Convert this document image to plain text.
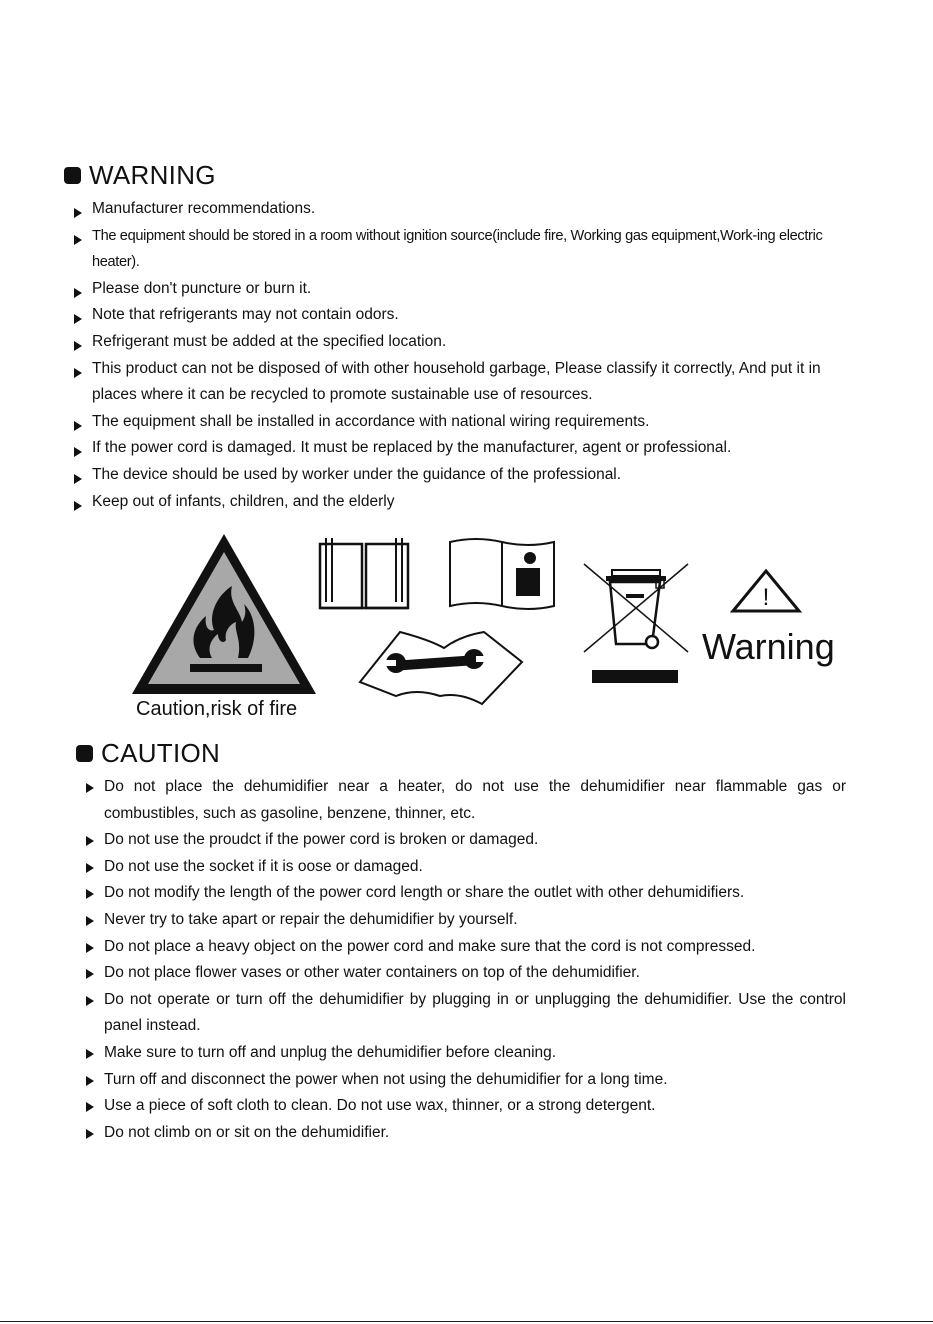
WARNING
Manufacturer recommendations.
The equipment should be stored in a room without ignition source(include fire, Working gas equipment,Work-ing electric heater).
Please don't puncture or burn it.
Note that refrigerants may not contain odors.
Refrigerant must be added at the specified location.
This product can not be disposed of with other household garbage, Please classify it correctly, And put it in places where it can be recycled to promote sustainable use of resources.
The equipment shall be installed in accordance with national wiring requirements.
If the power cord is damaged. It must be replaced by the manufacturer, agent or professional.
The device should be used by worker under the guidance of the professional.
Keep out of infants, children, and the elderly
Caution,risk of fire
i	!
Warning
CAUTION
Do not place the dehumidifier near a heater, do not use the dehumidifier near flammable gas or combustibles, such as gasoline, benzene, thinner, etc.
Do not use the proudct if the power cord is broken or damaged.
Do not use the socket if it is oose or damaged.
Do not modify the length of the power cord length or share the outlet with other dehumidifiers.
Never try to take apart or repair the dehumidifier by yourself.
Do not place a heavy object on the power cord and make sure that the cord is not compressed.
Do not place flower vases or other water containers on top of the dehumidifier.
Do not operate or turn off the dehumidifier by plugging in or unplugging the dehumidifier. Use the control panel instead.
Make sure to turn off and unplug the dehumidifier before cleaning.
Turn off and disconnect the power when not using the dehumidifier for a long time.
Use a piece of soft cloth to clean. Do not use wax, thinner, or a strong detergent.
Do not climb on or sit on the dehumidifier.
